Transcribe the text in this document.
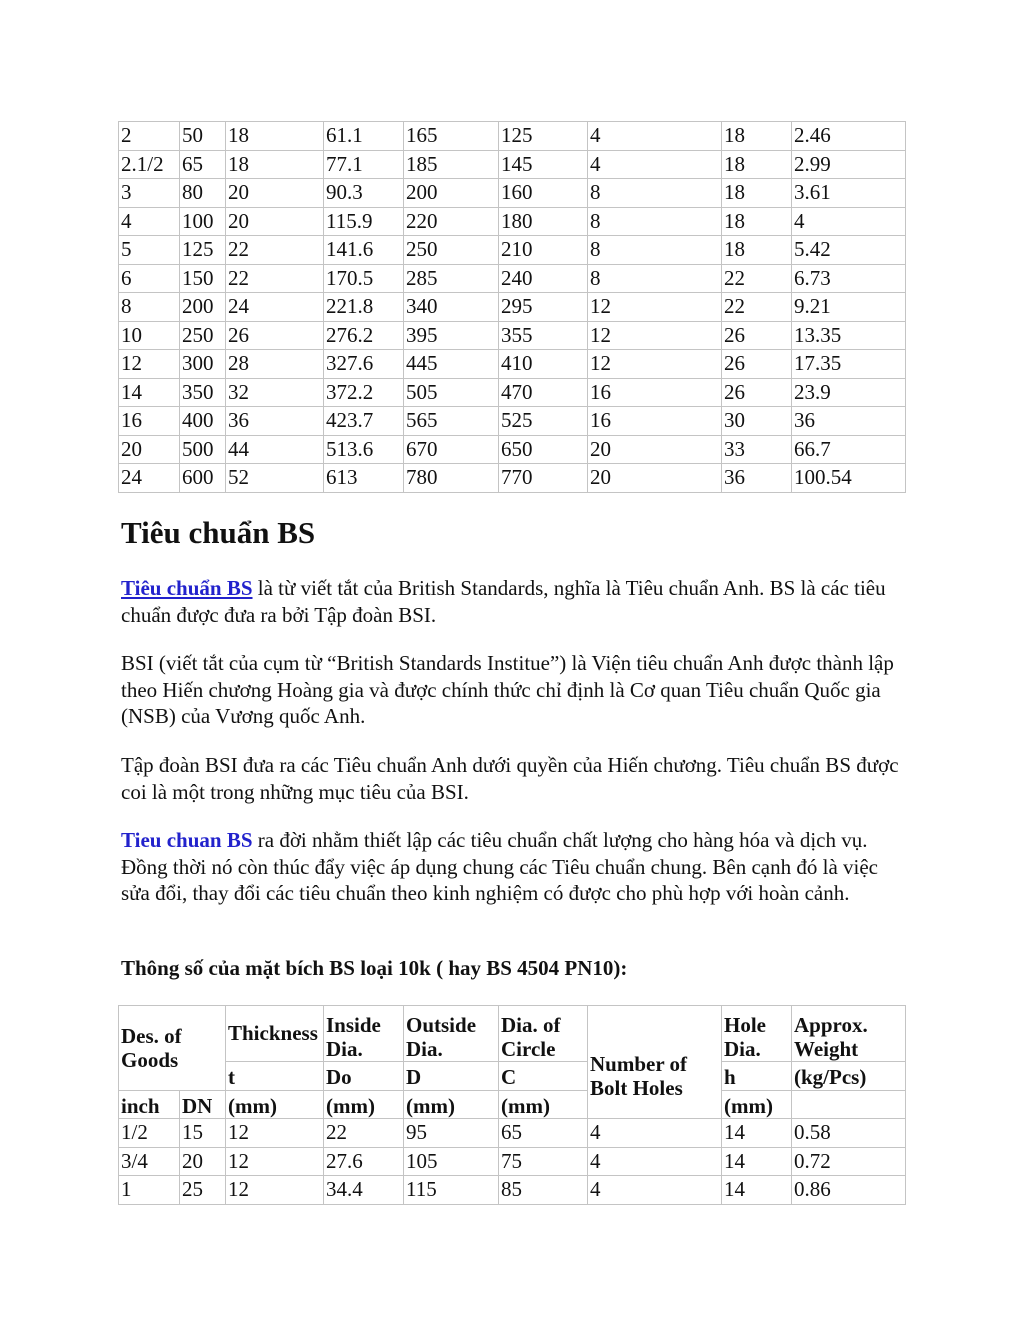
2	50	18	61.1	165	125	4	18	2.46
2.1/2	65	18	77.1	185	145	4	18	2.99
3	80	20	90.3	200	160	8	18	3.61
4	100	20	115.9	220	180	8	18	4
5	125	22	141.6	250	210	8	18	5.42
6	150	22	170.5	285	240	8	22	6.73
8	200	24	221.8	340	295	12	22	9.21
10	250	26	276.2	395	355	12	26	13.35
12	300	28	327.6	445	410	12	26	17.35
14	350	32	372.2	505	470	16	26	23.9
16	400	36	423.7	565	525	16	30	36
20	500	44	513.6	670	650	20	33	66.7
24	600	52	613	780	770	20	36	100.54
Tiêu chuẩn BS

Tiêu chuẩn BS là từ viết tắt của British Standards, nghĩa là Tiêu chuẩn Anh. BS là các tiêu chuẩn được đưa ra bởi Tập đoàn BSI.

BSI (viết tắt của cụm từ “British Standards Institue”) là Viện tiêu chuẩn Anh được thành lập theo Hiến chương Hoàng gia và được chính thức chỉ định là Cơ quan Tiêu chuẩn Quốc gia (NSB) của Vương quốc Anh.

Tập đoàn BSI đưa ra các Tiêu chuẩn Anh dưới quyền của Hiến chương. Tiêu chuẩn BS được coi là một trong những mục tiêu của BSI.

Tieu chuan BS ra đời nhằm thiết lập các tiêu chuẩn chất lượng cho hàng hóa và dịch vụ. Đồng thời nó còn thúc đẩy việc áp dụng chung các Tiêu chuẩn chung. Bên cạnh đó là việc sửa đổi, thay đổi các tiêu chuẩn theo kinh nghiệm có được cho phù hợp với hoàn cảnh.

Thông số của mặt bích BS loại 10k ( hay BS 4504 PN10):

Des. of Goods		Thickness	Inside Dia.	Outside Dia.	Dia. of Circle	Number of Bolt Holes	Hole Dia.	Approx. Weight
		t	Do	D	C		h	(kg/Pcs)
inch	DN	(mm)	(mm)	(mm)	(mm)		(mm)	
1/2	15	12	22	95	65	4	14	0.58
3/4	20	12	27.6	105	75	4	14	0.72
1	25	12	34.4	115	85	4	14	0.86
